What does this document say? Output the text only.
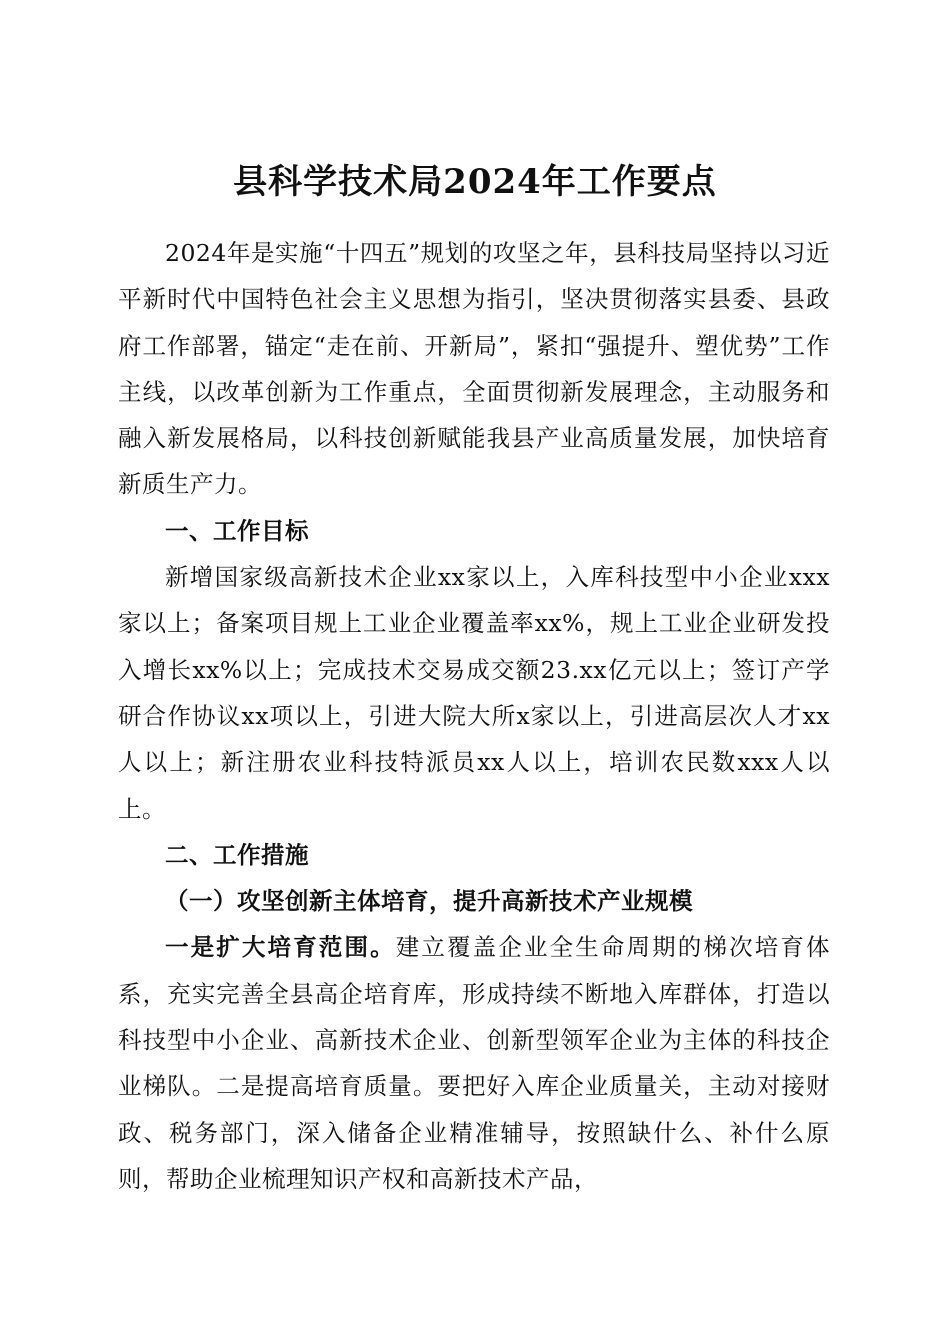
县科学技术局2024年工作要点

2024年是实施“十四五”规划的攻坚之年，县科技局坚持以习近平新时代中国特色社会主义思想为指引，坚决贯彻落实县委、县政府工作部署，锚定“走在前、开新局”，紧扣“强提升、塑优势”工作主线，以改革创新为工作重点，全面贯彻新发展理念，主动服务和融入新发展格局，以科技创新赋能我县产业高质量发展，加快培育新质生产力。

一、工作目标

新增国家级高新技术企业xx家以上，入库科技型中小企业xxx家以上；备案项目规上工业企业覆盖率xx%，规上工业企业研发投入增长xx%以上；完成技术交易成交额23.xx亿元以上；签订产学研合作协议xx项以上，引进大院大所x家以上，引进高层次人才xx人以上；新注册农业科技特派员xx人以上，培训农民数xxx人以上。

二、工作措施

（一）攻坚创新主体培育，提升高新技术产业规模

一是扩大培育范围。建立覆盖企业全生命周期的梯次培育体系，充实完善全县高企培育库，形成持续不断地入库群体，打造以科技型中小企业、高新技术企业、创新型领军企业为主体的科技企业梯队。二是提高培育质量。要把好入库企业质量关，主动对接财政、税务部门，深入储备企业精准辅导，按照缺什么、补什么原则，帮助企业梳理知识产权和高新技术产品，
